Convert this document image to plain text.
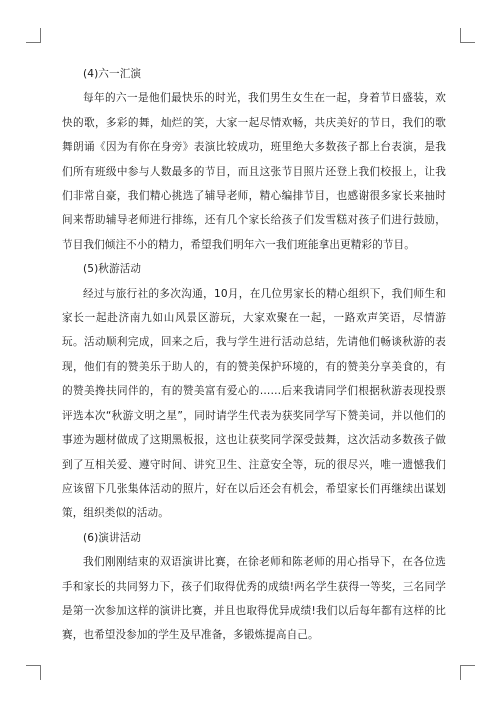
(4)六一汇演

每年的六一是他们最快乐的时光，我们男生女生在一起，身着节日盛装，欢快的歌，多彩的舞，灿烂的笑，大家一起尽情欢畅，共庆美好的节日，我们的歌舞朗诵《因为有你在身旁》表演比较成功，班里绝大多数孩子都上台表演，是我们所有班级中参与人数最多的节目，而且这张节目照片还登上我们校报上，让我们非常自豪，我们精心挑选了辅导老师，精心编排节目，也感谢很多家长来抽时间来帮助辅导老师进行排练，还有几个家长给孩子们发雪糕对孩子们进行鼓励，节目我们倾注不小的精力，希望我们明年六一我们班能拿出更精彩的节目。

(5)秋游活动

经过与旅行社的多次沟通，10月，在几位男家长的精心组织下，我们师生和家长一起赴济南九如山风景区游玩，大家欢聚在一起，一路欢声笑语，尽情游玩。活动顺利完成，回来之后，我与学生进行活动总结，先请他们畅谈秋游的表现，他们有的赞美乐于助人的，有的赞美保护环境的，有的赞美分享美食的，有的赞美搀扶同伴的，有的赞美富有爱心的……后来我请同学们根据秋游表现投票评选本次“秋游文明之星”，同时请学生代表为获奖同学写下赞美词，并以他们的事迹为题材做成了这期黑板报，这也让获奖同学深受鼓舞，这次活动多数孩子做到了互相关爱、遵守时间、讲究卫生、注意安全等，玩的很尽兴，唯一遗憾我们应该留下几张集体活动的照片，好在以后还会有机会，希望家长们再继续出谋划策，组织类似的活动。

(6)演讲活动

我们刚刚结束的双语演讲比赛，在徐老师和陈老师的用心指导下，在各位选手和家长的共同努力下，孩子们取得优秀的成绩!两名学生获得一等奖，三名同学是第一次参加这样的演讲比赛，并且也取得优异成绩!我们以后每年都有这样的比赛，也希望没参加的学生及早准备，多锻炼提高自己。
